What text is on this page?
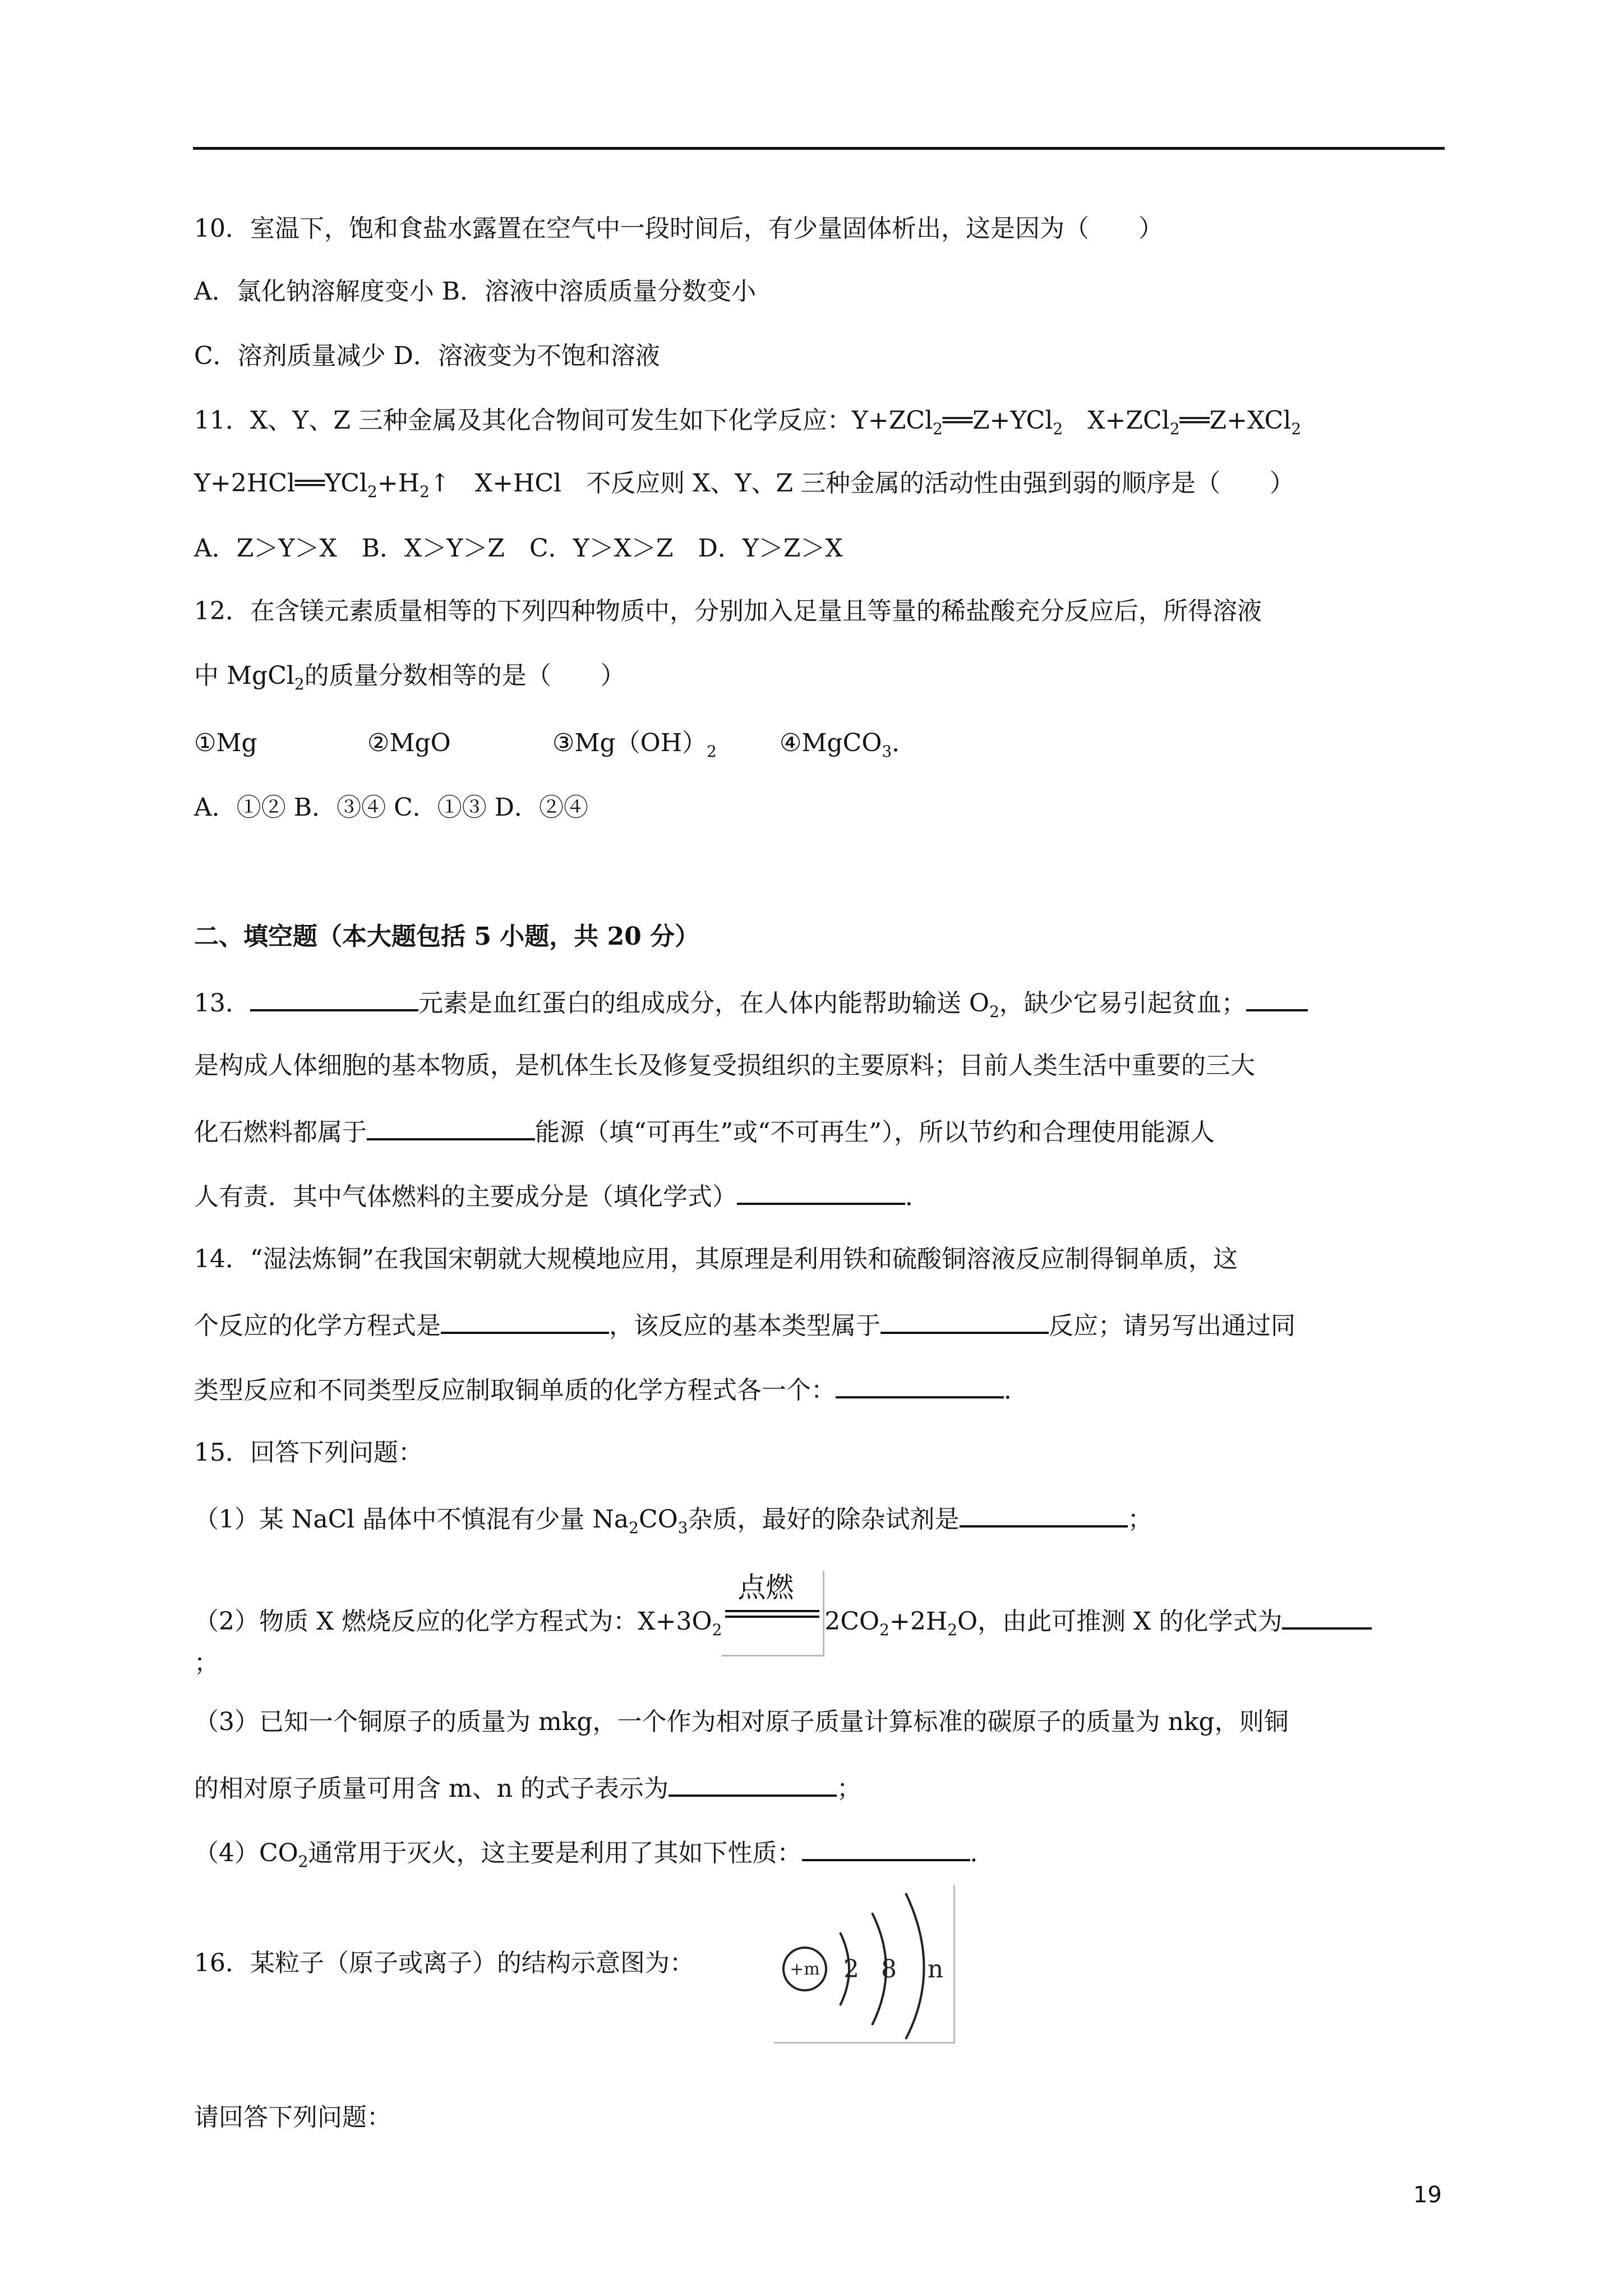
10．室温下，饱和食盐水露置在空气中一段时间后，有少量固体析出，这是因为（　　）
A．氯化钠溶解度变小 B．溶液中溶质质量分数变小
C．溶剂质量减少 D．溶液变为不饱和溶液
11．X、Y、Z 三种金属及其化合物间可发生如下化学反应：Y+ZCl$_2$══Z+YCl$_2$　X+ZCl$_2$══Z+XCl$_2$
$Y+2HCl══YCl_2+H_2↑$　X+HCl　不反应则 X、Y、Z 三种金属的活动性由强到弱的顺序是（　　）
A．Z＞Y＞X　B．X＞Y＞Z　C．Y＞X＞Z　D．Y＞Z＞X
12．在含镁元素质量相等的下列四种物质中，分别加入足量且等量的稀盐酸充分反应后，所得溶液
中 MgCl$_2$的质量分数相等的是（　　）
①Mg	②MgO	$③Mg(OH)_2$	④MgCO$_3$．
A．①② B．③④ C．①③ D．②④
二、填空题（本大题包括 5 小题，共 20 分）
13．	元素是血红蛋白的组成成分，在人体内能帮助输送 $O_2$，缺少它易引起贫血；
是构成人体细胞的基本物质，是机体生长及修复受损组织的主要原料；目前人类生活中重要的三大
化石燃料都属于	能源（填“可再生”或“不可再生”），所以节约和合理使用能源人
人有责．其中气体燃料的主要成分是（填化学式）	．
14．“湿法炼铜”在我国宋朝就大规模地应用，其原理是利用铁和硫酸铜溶液反应制得铜单质，这
个反应的化学方程式是	，该反应的基本类型属于	反应；请另写出通过同
类型反应和不同类型反应制取铜单质的化学方程式各一个：	．
15．回答下列问题：
（1）某 NaCl 晶体中不慎混有少量 $Na_2CO_3$杂质，最好的除杂试剂是	；
（2）物质 X 燃烧反应的化学方程式为：$X+3O_2$
点燃
$2CO_2+2H_2O$，由此可推测 X 的化学式为
；
（3）已知一个铜原子的质量为 mkg，一个作为相对原子质量计算标准的碳原子的质量为 nkg，则铜
的相对原子质量可用含 m、n 的式子表示为	；
$(4)CO_2$通常用于灭火，这主要是利用了其如下性质：	．
16．某粒子（原子或离子）的结构示意图为：	+m 2 8 n
请回答下列问题：
19
